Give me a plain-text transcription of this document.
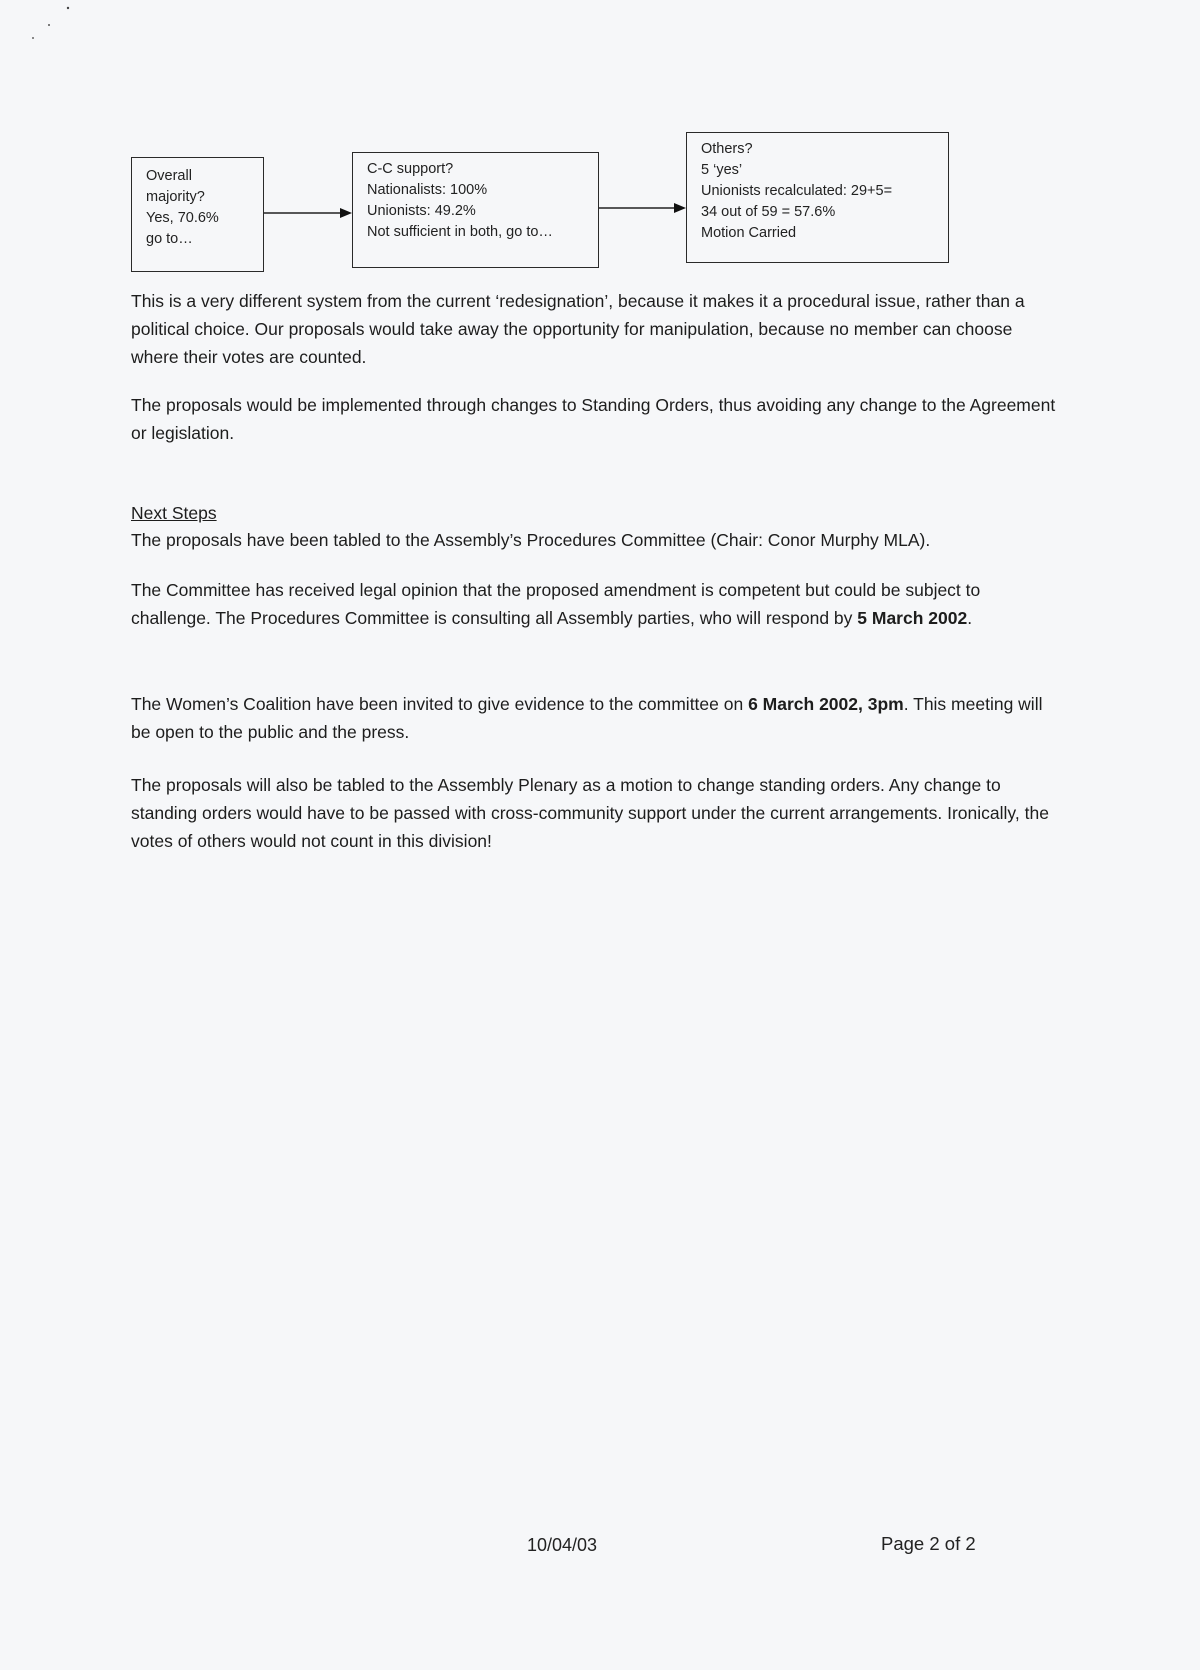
Overall
majority?
Yes, 70.6%
go to…
C-C support?
Nationalists: 100%
Unionists: 49.2%
Not sufficient in both, go to…
Others?
5 ‘yes’
Unionists recalculated: 29+5=
34 out of 59 = 57.6%
Motion Carried

This is a very different system from the current ‘redesignation’, because it makes it a procedural issue, rather than a political choice. Our proposals would take away the opportunity for manipulation, because no member can choose where their votes are counted.

The proposals would be implemented through changes to Standing Orders, thus avoiding any change to the Agreement or legislation.

Next Steps

The proposals have been tabled to the Assembly’s Procedures Committee (Chair: Conor Murphy MLA).

The Committee has received legal opinion that the proposed amendment is competent but could be subject to challenge. The Procedures Committee is consulting all Assembly parties, who will respond by 5 March 2002.

The Women’s Coalition have been invited to give evidence to the committee on 6 March 2002, 3pm. This meeting will be open to the public and the press.

The proposals will also be tabled to the Assembly Plenary as a motion to change standing orders. Any change to standing orders would have to be passed with cross-community support under the current arrangements. Ironically, the votes of others would not count in this division!

10/04/03	Page 2 of 2
